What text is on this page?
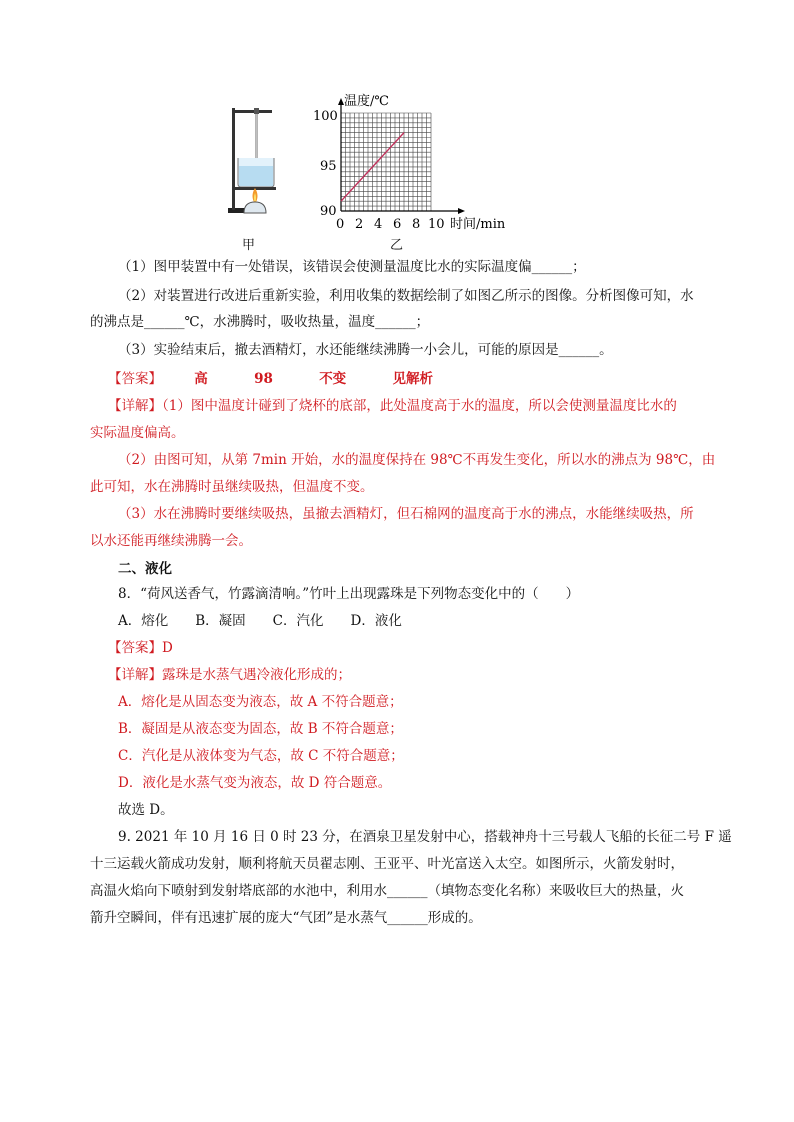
温度/℃
时间/min
100
95
90
0 2 4 6 8 10
甲	乙
（1）图甲装置中有一处错误，该错误会使测量温度比水的实际温度偏______；
（2）对装置进行改进后重新实验，利用收集的数据绘制了如图乙所示的图像。分析图像可知，水
的沸点是______℃，水沸腾时，吸收热量，温度______；
（3）实验结束后，撤去酒精灯，水还能继续沸腾一小会儿，可能的原因是______。
【答案】 高	98	不变	见解析
【详解】（1）图中温度计碰到了烧杯的底部，此处温度高于水的温度，所以会使测量温度比水的
实际温度偏高。
（2）由图可知，从第 7min 开始，水的温度保持在 98℃不再发生变化，所以水的沸点为 98℃，由
此可知，水在沸腾时虽继续吸热，但温度不变。
（3）水在沸腾时要继续吸热，虽撤去酒精灯，但石棉网的温度高于水的沸点，水能继续吸热，所
以水还能再继续沸腾一会。
二、液化
8．“荷风送香气，竹露滴清响。”竹叶上出现露珠是下列物态变化中的（　　）
A．熔化　　B．凝固　　C．汽化　　D．液化
【答案】D
【详解】露珠是水蒸气遇冷液化形成的；
A．熔化是从固态变为液态，故 A 不符合题意；
B．凝固是从液态变为固态，故 B 不符合题意；
C．汽化是从液体变为气态，故 C 不符合题意；
D．液化是水蒸气变为液态，故 D 符合题意。
故选 D。
9. 2021 年 10 月 16 日 0 时 23 分，在酒泉卫星发射中心，搭载神舟十三号载人飞船的长征二号 F 遥
十三运载火箭成功发射，顺利将航天员翟志刚、王亚平、叶光富送入太空。如图所示，火箭发射时，
高温火焰向下喷射到发射塔底部的水池中，利用水______（填物态变化名称）来吸收巨大的热量，火
箭升空瞬间，伴有迅速扩展的庞大“气团”是水蒸气______形成的。
